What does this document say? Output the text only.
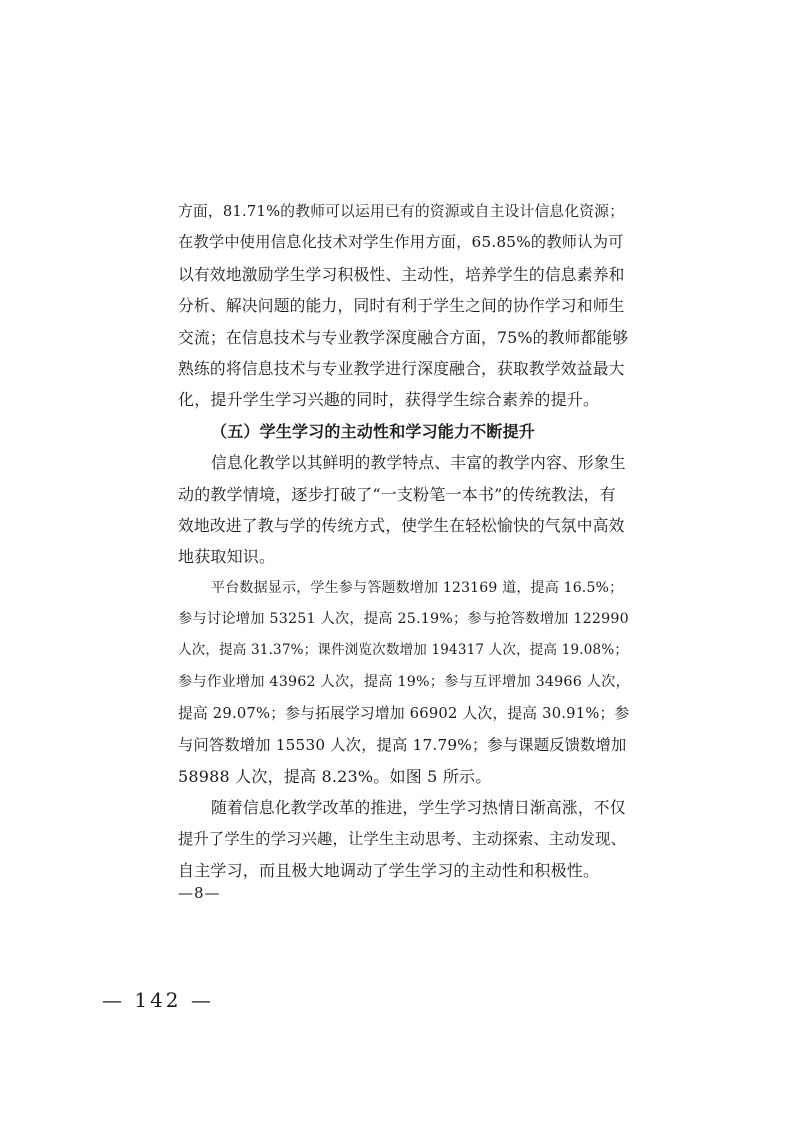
方面，81.71%的教师可以运用已有的资源或自主设计信息化资源；
在教学中使用信息化技术对学生作用方面，65.85%的教师认为可
以有效地激励学生学习积极性、主动性，培养学生的信息素养和
分析、解决问题的能力，同时有利于学生之间的协作学习和师生
交流；在信息技术与专业教学深度融合方面，75%的教师都能够
熟练的将信息技术与专业教学进行深度融合，获取教学效益最大
化，提升学生学习兴趣的同时，获得学生综合素养的提升。
（五）学生学习的主动性和学习能力不断提升
信息化教学以其鲜明的教学特点、丰富的教学内容、形象生
动的教学情境，逐步打破了“一支粉笔一本书”的传统教法，有
效地改进了教与学的传统方式，使学生在轻松愉快的气氛中高效
地获取知识。
平台数据显示，学生参与答题数增加 123169 道，提高 16.5%；
参与讨论增加 53251 人次，提高 25.19%；参与抢答数增加 122990
人次，提高 31.37%；课件浏览次数增加 194317 人次，提高 19.08%；
参与作业增加 43962 人次，提高 19%；参与互评增加 34966 人次，
提高 29.07%；参与拓展学习增加 66902 人次，提高 30.91%；参
与问答数增加 15530 人次，提高 17.79%；参与课题反馈数增加
58988 人次，提高 8.23%。如图 5 所示。
随着信息化教学改革的推进，学生学习热情日渐高涨，不仅
提升了学生的学习兴趣，让学生主动思考、主动探索、主动发现、
自主学习，而且极大地调动了学生学习的主动性和积极性。
—8—
— 142 —
